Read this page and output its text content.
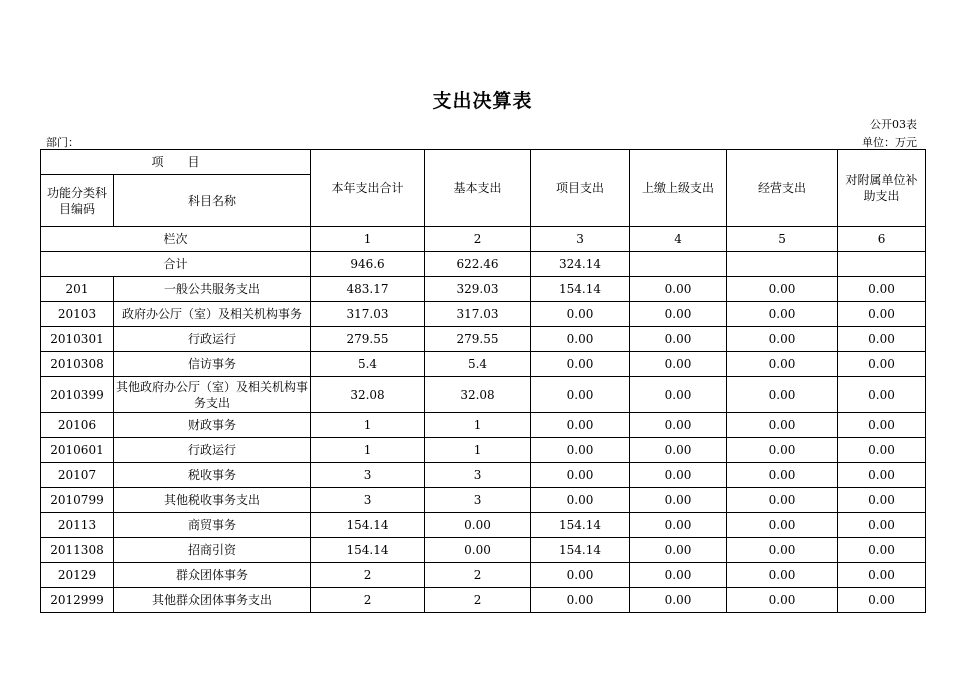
支出决算表
公开03表
部门：	单位：万元
项　　目		本年支出合计	基本支出	项目支出	上缴上级支出	经营支出	对附属单位补助支出
功能分类科目编码	科目名称						
栏次		1	2	3	4	5	6
合计		946.6	622.46	324.14			
201	一般公共服务支出	483.17	329.03	154.14	0.00	0.00	0.00
20103	政府办公厅（室）及相关机构事务	317.03	317.03	0.00	0.00	0.00	0.00
2010301	行政运行	279.55	279.55	0.00	0.00	0.00	0.00
2010308	信访事务	5.4	5.4	0.00	0.00	0.00	0.00
2010399	其他政府办公厅（室）及相关机构事务支出	32.08	32.08	0.00	0.00	0.00	0.00
20106	财政事务	1	1	0.00	0.00	0.00	0.00
2010601	行政运行	1	1	0.00	0.00	0.00	0.00
20107	税收事务	3	3	0.00	0.00	0.00	0.00
2010799	其他税收事务支出	3	3	0.00	0.00	0.00	0.00
20113	商贸事务	154.14	0.00	154.14	0.00	0.00	0.00
2011308	招商引资	154.14	0.00	154.14	0.00	0.00	0.00
20129	群众团体事务	2	2	0.00	0.00	0.00	0.00
2012999	其他群众团体事务支出	2	2	0.00	0.00	0.00	0.00
